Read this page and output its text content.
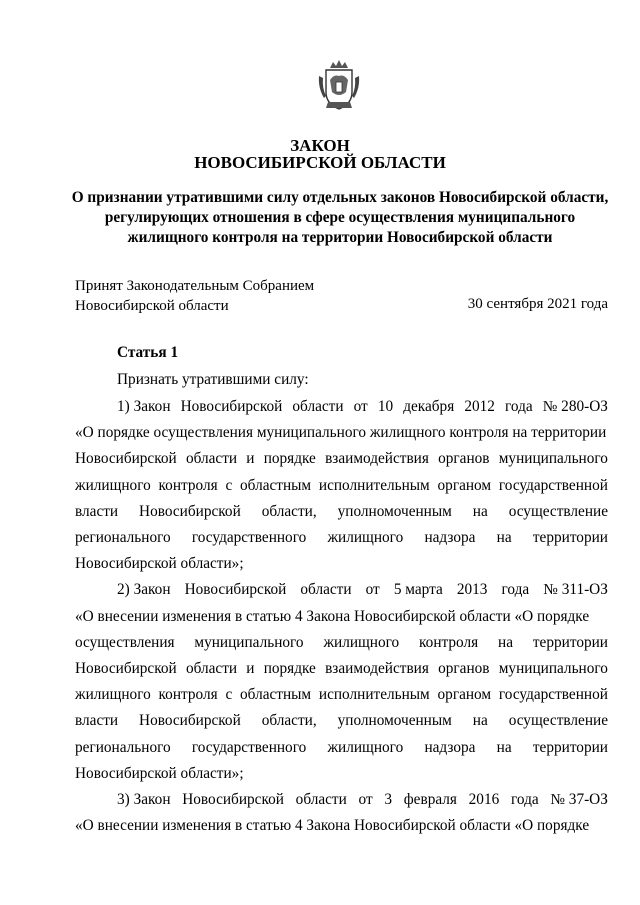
ЗАКОН
НОВОСИБИРСКОЙ ОБЛАСТИ
О признании утратившими силу отдельных законов Новосибирской области,
регулирующих отношения в сфере осуществления муниципального
жилищного контроля на территории Новосибирской области
Принят Законодательным Собранием
Новосибирской области	30 сентября 2021 года
Статья 1
Признать утратившими силу:
1) Закон Новосибирской области от 10 декабря 2012 года № 280-ОЗ
«О порядке осуществления муниципального жилищного контроля на территории
Новосибирской области и порядке взаимодействия органов муниципального
жилищного контроля с областным исполнительным органом государственной
власти Новосибирской области, уполномоченным на осуществление
регионального государственного жилищного надзора на территории
Новосибирской области»;
2) Закон Новосибирской области от 5 марта 2013 года № 311-ОЗ
«О внесении изменения в статью 4 Закона Новосибирской области «О порядке
осуществления муниципального жилищного контроля на территории
Новосибирской области и порядке взаимодействия органов муниципального
жилищного контроля с областным исполнительным органом государственной
власти Новосибирской области, уполномоченным на осуществление
регионального государственного жилищного надзора на территории
Новосибирской области»;
3) Закон Новосибирской области от 3 февраля 2016 года № 37-ОЗ
«О внесении изменения в статью 4 Закона Новосибирской области «О порядке
